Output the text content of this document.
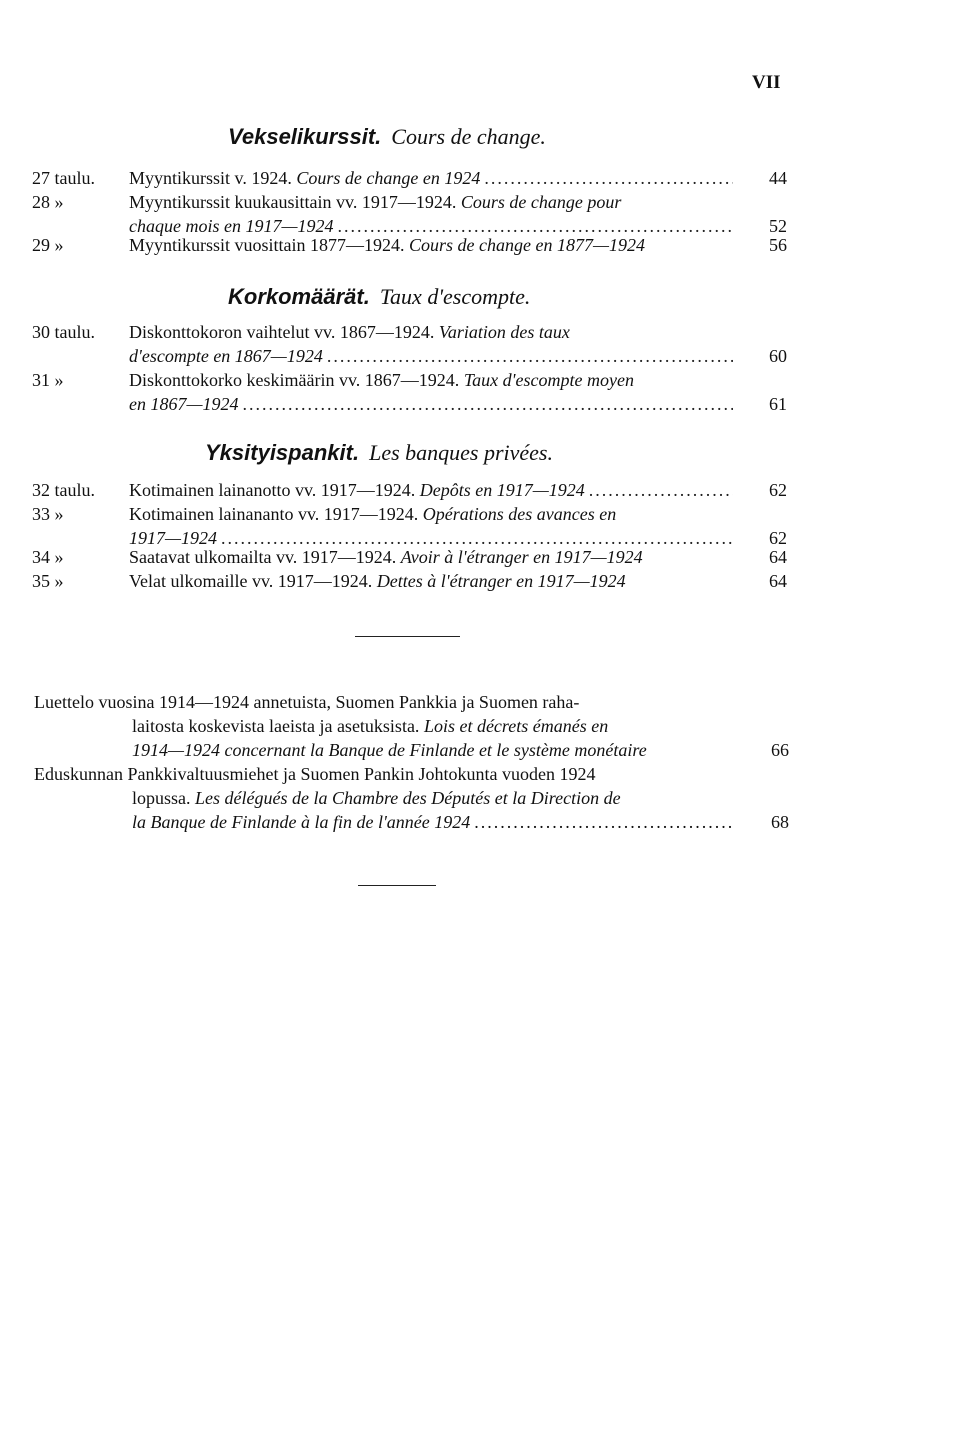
VII
Vekselikurssit. Cours de change.
27 taulu.	Myyntikurssit v. 1924.
Cours de change en 1924 .....	44
28 »	Myyntikurssit kuukausittain vv. 1917—1924.
Cours de change pour
chaque mois en 1917—1924 .....	52
29 »	Myyntikurssit vuosittain 1877—1924.
Cours de change en 1877—1924	56
Korkomäärät. Taux d'escompte.
30 taulu.	Diskonttokoron vaihtelut vv. 1867—1924.
Variation des taux
d'escompte en 1867—1924 .....	60
31 »	Diskonttokorko keskimäärin vv. 1867—1924.
Taux d'escompte moyen
en 1867—1924 .....	61
Yksityispankit. Les banques privées.
32 taulu.	Kotimainen lainanotto vv. 1917—1924.
Depôts en 1917—1924 .....	62
33 »	Kotimainen lainananto vv. 1917—1924.
Opérations des avances en
1917—1924 .....	62
34 »	Saatavat ulkomailta vv. 1917—1924.
Avoir à l'étranger en 1917—1924	64
35 »	Velat ulkomaille vv. 1917—1924.
Dettes à l'étranger en 1917—1924	64
Luettelo vuosina 1914—1924 annetuista, Suomen Pankkia ja Suomen raha-
laitosta koskevista laeista ja asetuksista.
Lois et décrets émanés en
1914—1924 concernant la Banque de Finlande et le système monétaire	66
Eduskunnan Pankkivaltuusmiehet ja Suomen Pankin Johtokunta vuoden 1924
lopussa.
Les délégués de la Chambre des Députés et la Direction de
la Banque de Finlande à la fin de l'année 1924 .....	68
